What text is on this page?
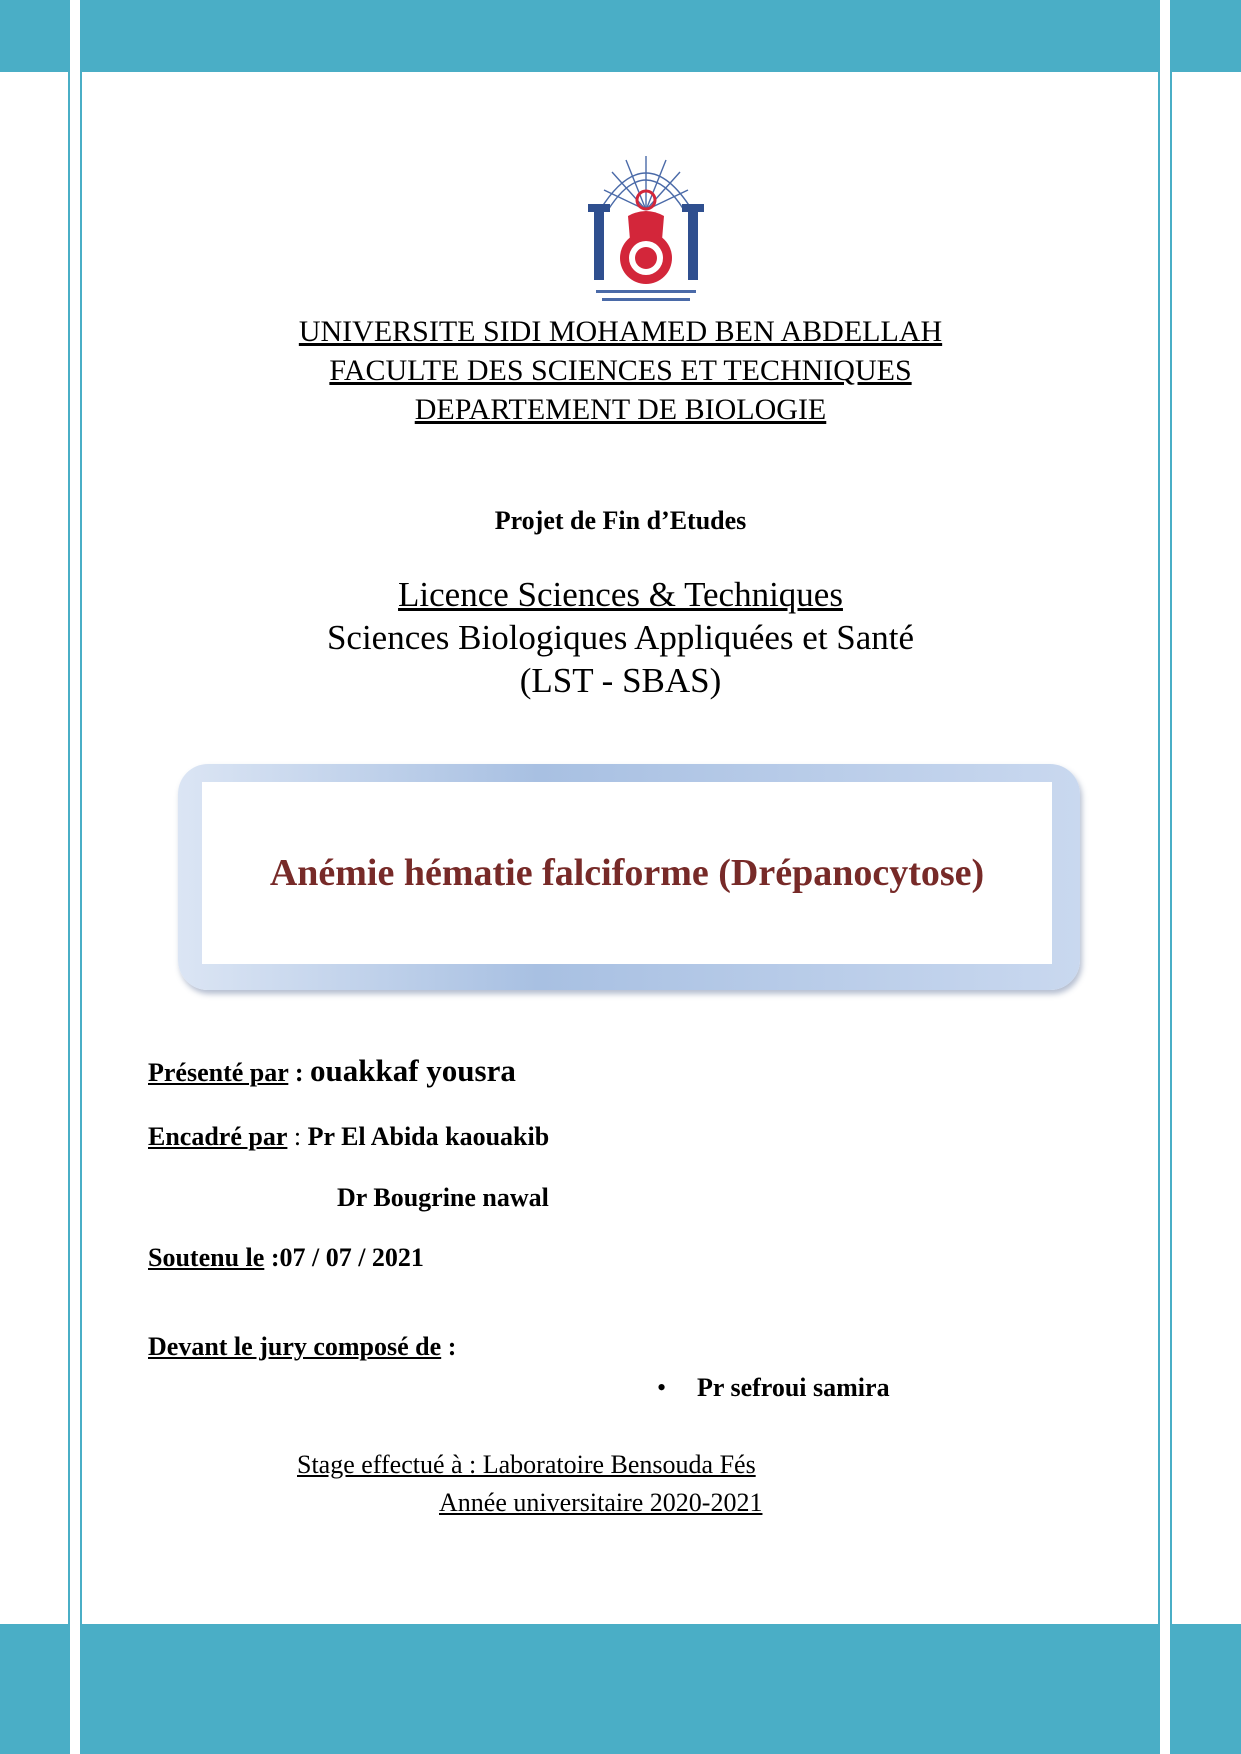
UNIVERSITE SIDI MOHAMED BEN ABDELLAH
FACULTE DES SCIENCES ET TECHNIQUES
DEPARTEMENT DE BIOLOGIE
Projet de Fin d’Etudes
Licence Sciences & Techniques
Sciences Biologiques Appliquées et Santé
(LST - SBAS)
Anémie hématie falciforme (Drépanocytose)
Présenté par : ouakkaf yousra
Encadré par : Pr El Abida kaouakib
Dr Bougrine nawal
Soutenu le :07 / 07 / 2021
Devant le jury composé de :
• Pr sefroui samira
Stage effectué à : Laboratoire Bensouda Fés
Année universitaire 2020-2021
